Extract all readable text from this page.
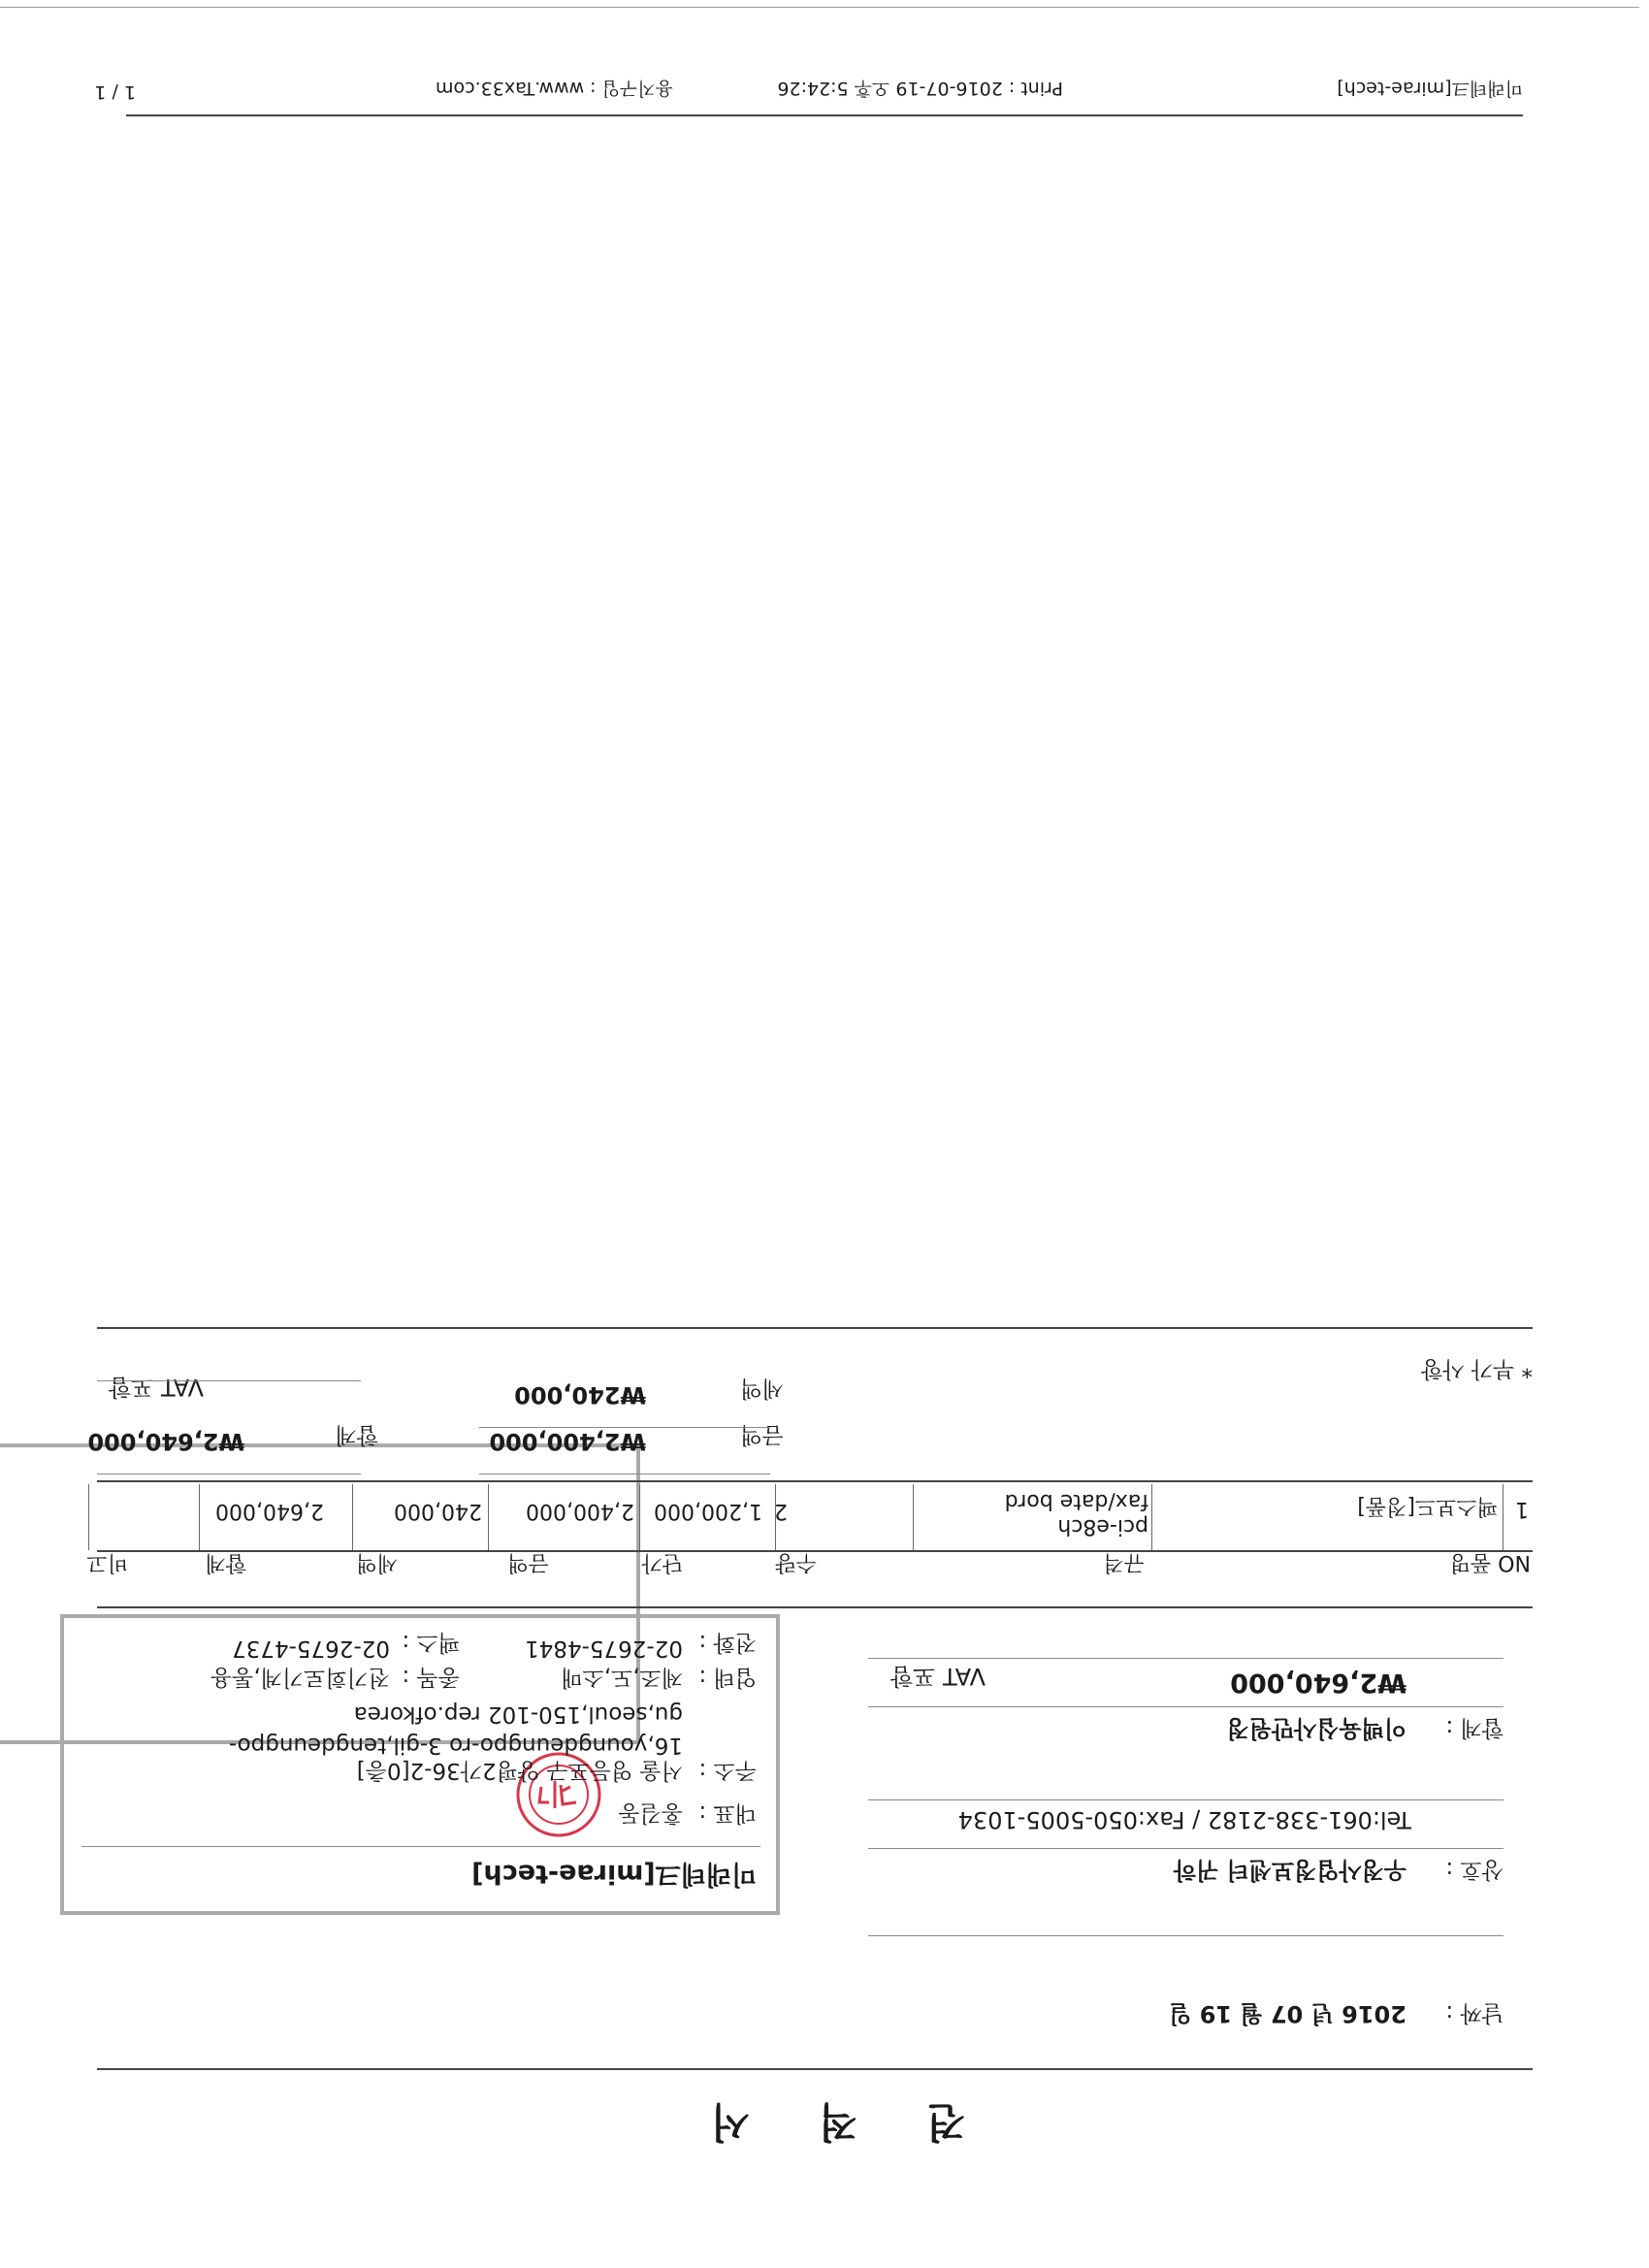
견 적 서
날짜 :
2016 년 07 월 19 일
상호 :
우정사업정보센터 귀하
Tel:061-338-2182 / Fax:050-5005-1034
합계 :
이백육십사만원정
₩2,640,000
VAT 포함
미래테크[mirae-tech]
대표 :
홍길동
주소 :
서울 영등포구 양평2가36-2[0층]
16,youngdeungpo-ro 3-gil,tengdeungpo-
gu,seoul,150-102 rep.ofkorea
업태 :
제조,도,소매
종목 :
전기회로기계,통용
전화 :
02-2675-4841
팩스 :
02-2675-4737
NO 품명
규격
수량
단가
금액
세액
합계
비고
1
팩스보드[정품]
pci-e8ch
fax/date bord
2
1,200,000
2,400,000
240,000
2,640,000
금액
₩2,400,000
합계
₩2,640,000
세액
₩240,000
VAT 포함
* 부가 사항
미래테크[mirae-tech]
Print : 2016-07-19 오후 5:24:26
용지구입 : www.Tax33.com
1 / 1
